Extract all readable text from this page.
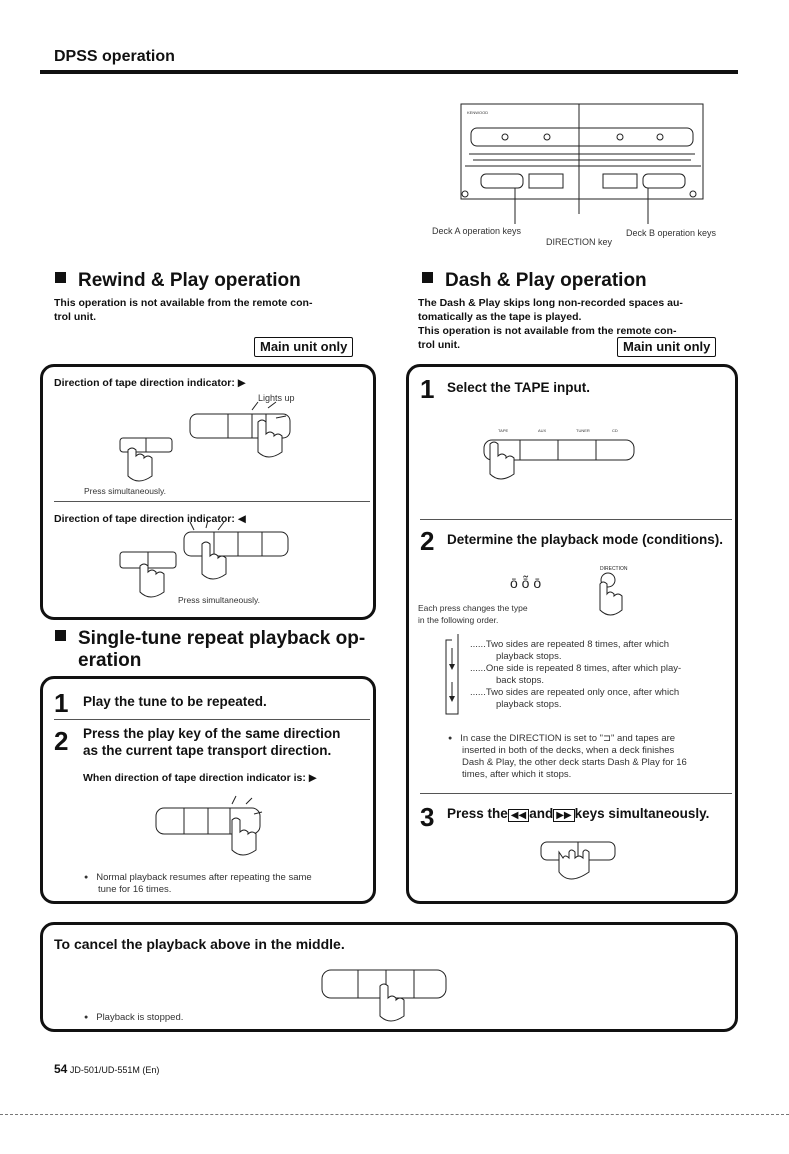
DPSS operation
KENWOOD
Deck A operation keys
DIRECTION key
Deck B operation keys
Rewind & Play operation
This operation is not available from the remote con-
trol unit.
Main unit only
Direction of tape direction indicator: ▶
Lights up
Press simultaneously.
Direction of tape direction indicator: ◀
Press simultaneously.
Single-tune repeat playback op-
eration
1 Play the tune to be repeated.
2 Press the play key of the same direction
as the current tape transport direction.
When direction of tape direction indicator is: ▶
● Normal playback resumes after repeating the same
tune for 16 times.
Dash & Play operation
The Dash & Play skips long non-recorded spaces au-
tomatically as the tape is played.
This operation is not available from the remote con-
trol unit.	Main unit only
1 Select the TAPE input.
TAPE	AUX	TUNER	CD
2 Determine the playback mode (conditions).
ō ō̃ ō
DIRECTION
Each press changes the type
in the following order.
......Two sides are repeated 8 times, after which
playback stops.
......One side is repeated 8 times, after which play-
back stops.
......Two sides are repeated only once, after which
playback stops.
● In case the DIRECTION is set to "⊐" and tapes are
inserted in both of the decks, when a deck finishes
Dash & Play, the other deck starts Dash & Play for 16
times, after which it stops.
3 Press the ◀◀ and ▶▶ keys simultaneously.
To cancel the playback above in the middle.
● Playback is stopped.
54 JD-501/UD-551M (En)
